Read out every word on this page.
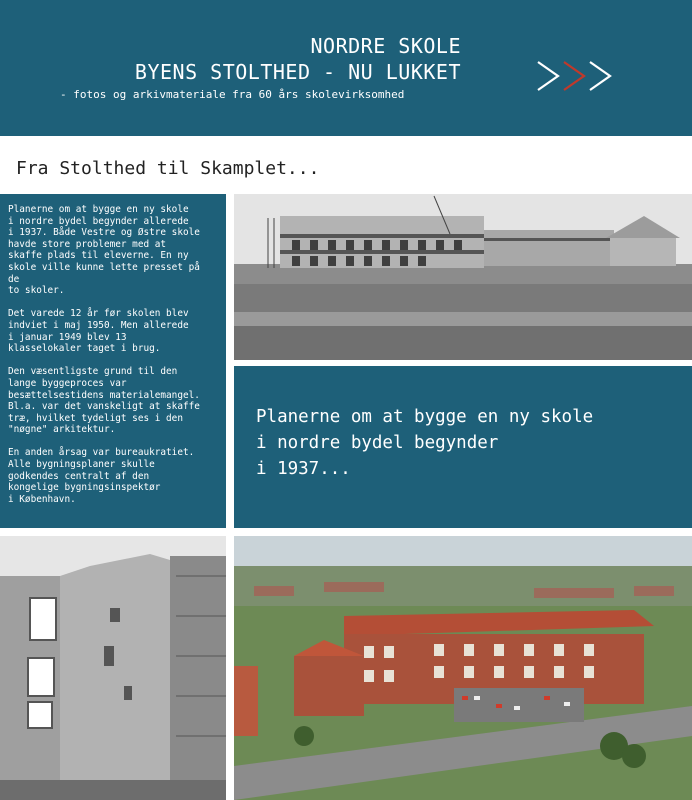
NORDRE SKOLE
BYENS STOLTHED - NU LUKKET
- fotos og arkivmateriale fra 60 års skolevirksomhed
Fra Stolthed til Skamplet...

Planerne om at bygge en ny skole
i nordre bydel begynder allerede
i 1937. Både Vestre og Østre skole
havde store problemer med at
skaffe plads til eleverne. En ny
skole ville kunne lette presset på
de
to skoler.

Det varede 12 år før skolen blev
indviet i maj 1950. Men allerede
i januar 1949 blev 13
klasselokaler taget i brug.

Den væsentligste grund til den
lange byggeproces var
besættelsestidens materialemangel.
Bl.a. var det vanskeligt at skaffe
træ, hvilket tydeligt ses i den
"nøgne" arkitektur.

En anden årsag var bureaukratiet.
Alle bygningsplaner skulle
godkendes centralt af den
kongelige bygningsinspektør
i København.

Planerne om at bygge en ny skole
i nordre bydel begynder
i 1937...
